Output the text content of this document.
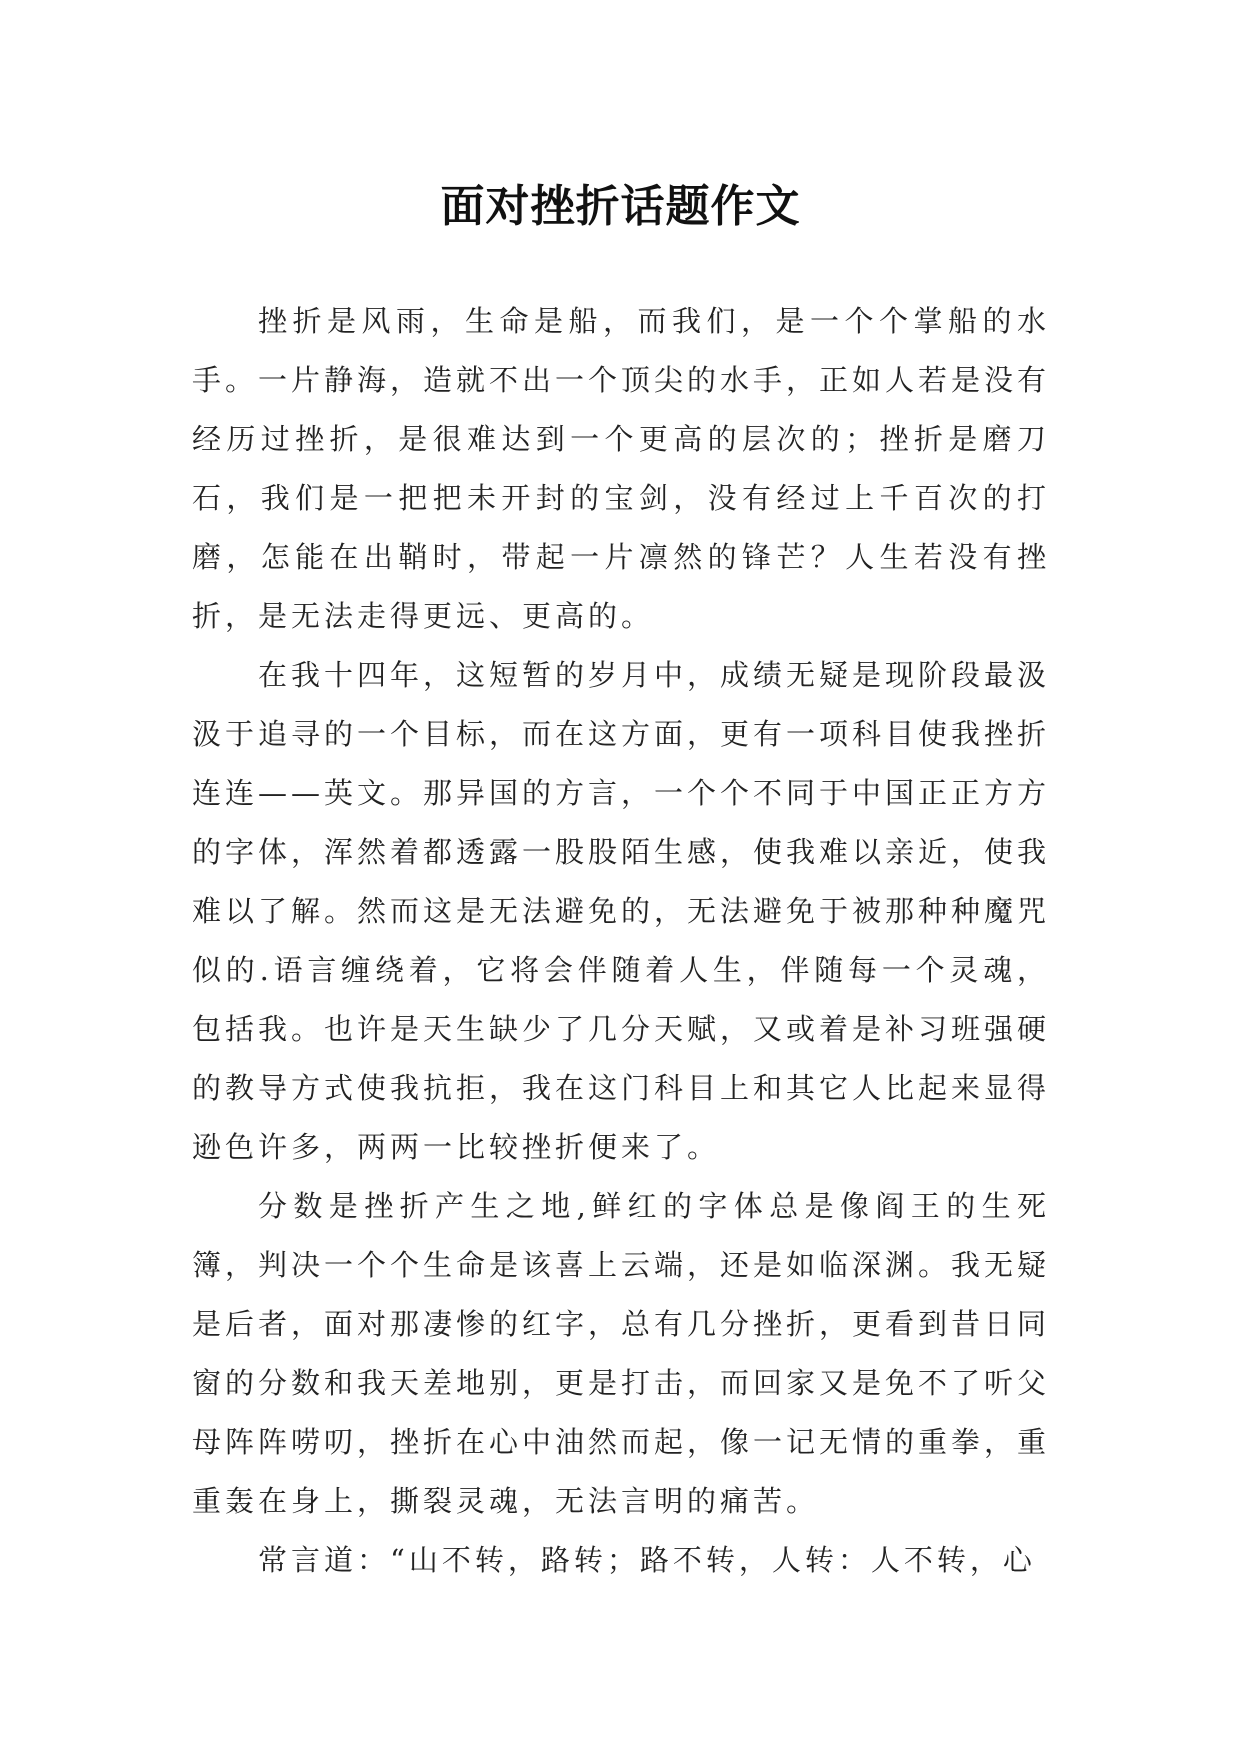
面对挫折话题作文

挫折是风雨，生命是船，而我们，是一个个掌船的水手。一片静海，造就不出一个顶尖的水手，正如人若是没有经历过挫折，是很难达到一个更高的层次的；挫折是磨刀石，我们是一把把未开封的宝剑，没有经过上千百次的打磨，怎能在出鞘时，带起一片凛然的锋芒？人生若没有挫折，是无法走得更远、更高的。

在我十四年，这短暂的岁月中，成绩无疑是现阶段最汲汲于追寻的一个目标，而在这方面，更有一项科目使我挫折连连——英文。那异国的方言，一个个不同于中国正正方方的字体，浑然着都透露一股股陌生感，使我难以亲近，使我难以了解。然而这是无法避免的，无法避免于被那种种魔咒似的.语言缠绕着，它将会伴随着人生，伴随每一个灵魂，包括我。也许是天生缺少了几分天赋，又或着是补习班强硬的教导方式使我抗拒，我在这门科目上和其它人比起来显得逊色许多，两两一比较挫折便来了。

分数是挫折产生之地,鲜红的字体总是像阎王的生死簿，判决一个个生命是该喜上云端，还是如临深渊。我无疑是后者，面对那凄惨的红字，总有几分挫折，更看到昔日同窗的分数和我天差地别，更是打击，而回家又是免不了听父母阵阵唠叨，挫折在心中油然而起，像一记无情的重拳，重重轰在身上，撕裂灵魂，无法言明的痛苦。

常言道：“山不转，路转；路不转，人转：人不转，心
